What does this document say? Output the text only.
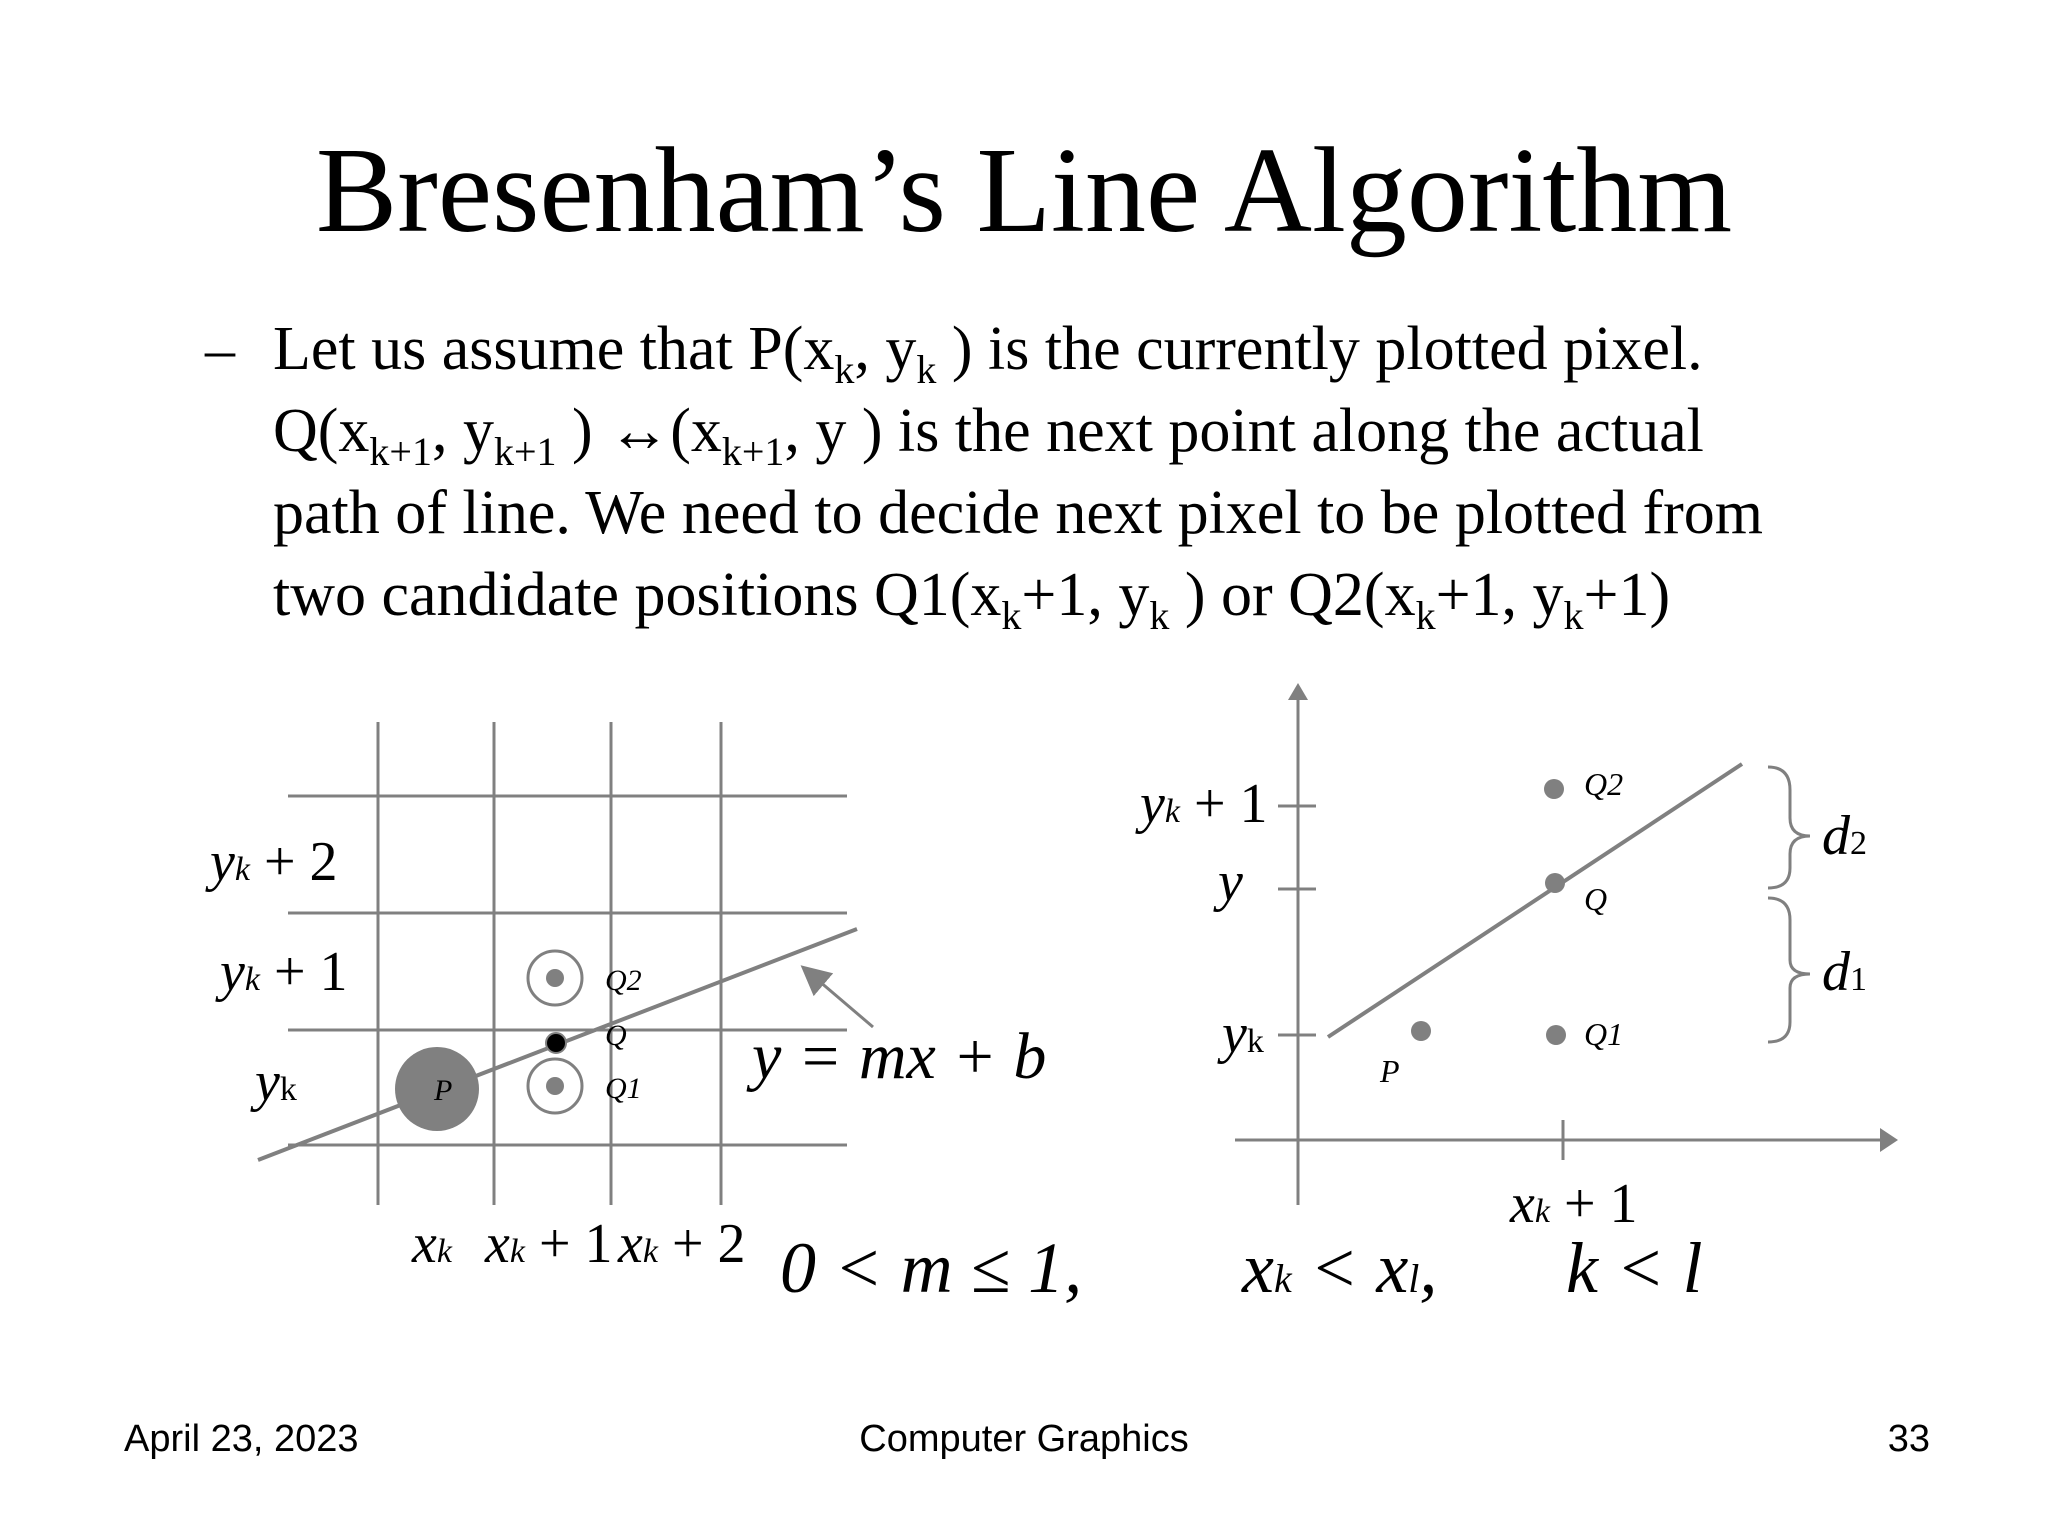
Bresenham’s Line Algorithm
– Let us assume that $P(x_k$, $y_k$ ) is the currently plotted pixel.
$Q(x_{k+1}$, $y_{k+1}$ ) $\leftrightarrow(x_{k+1}$, y ) is the next point along the actual
path of line. We need to decide next pixel to be plotted from
two candidate positions $Q1(x_k+1$, $y_k$ ) or $Q2(x_k+1$, $y_k+1$)
yk + 2
yk + 1
yk
xk xk + 1 xk + 2
P
Q2
Q
Q1 y = mx + b
yk + 1
y
yk
xk + 1
Q2
Q
Q1
P
d2
d1
0 < m ≤ 1, xk < xl, k < l
April 23, 2023	Computer Graphics	33
